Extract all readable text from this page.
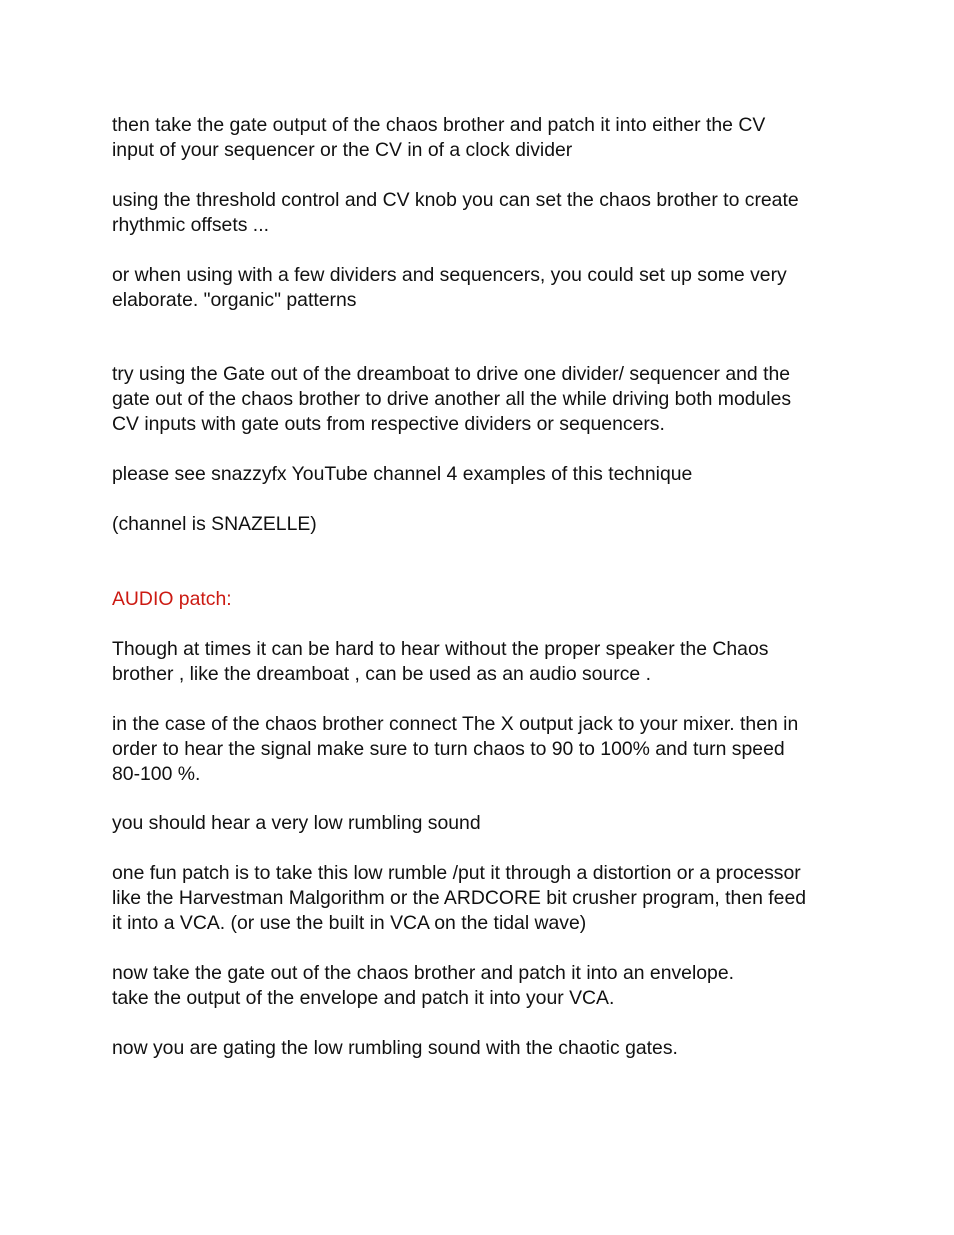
then take the gate output of the chaos brother and patch it into either the CV
input of your sequencer or the CV in of a clock divider

using the threshold control and CV knob you can set the chaos brother to create
rhythmic offsets ...

or when using with a few dividers and sequencers, you could set up some very
elaborate. "organic" patterns

try using the Gate out of the dreamboat to drive one divider/ sequencer and the
gate out of the chaos brother to drive another all the while driving both modules
CV inputs with gate outs from respective dividers or sequencers.

please see snazzyfx YouTube channel 4 examples of this technique

(channel is SNAZELLE)

AUDIO patch:

Though at times it can be hard to hear without the proper speaker the Chaos
brother , like the dreamboat , can be used as an audio source .

in the case of the chaos brother connect The X output jack to your mixer. then in
order to hear the signal make sure to turn chaos to 90 to 100% and turn speed
80-100 %.

you should hear a very low rumbling sound

one fun patch is to take this low rumble /put it through a distortion or a processor
like the Harvestman Malgorithm or the ARDCORE bit crusher program, then feed
it into a VCA. (or use the built in VCA on the tidal wave)

now take the gate out of the chaos brother and patch it into an envelope.
take the output of the envelope and patch it into your VCA.

now you are gating the low rumbling sound with the chaotic gates.
